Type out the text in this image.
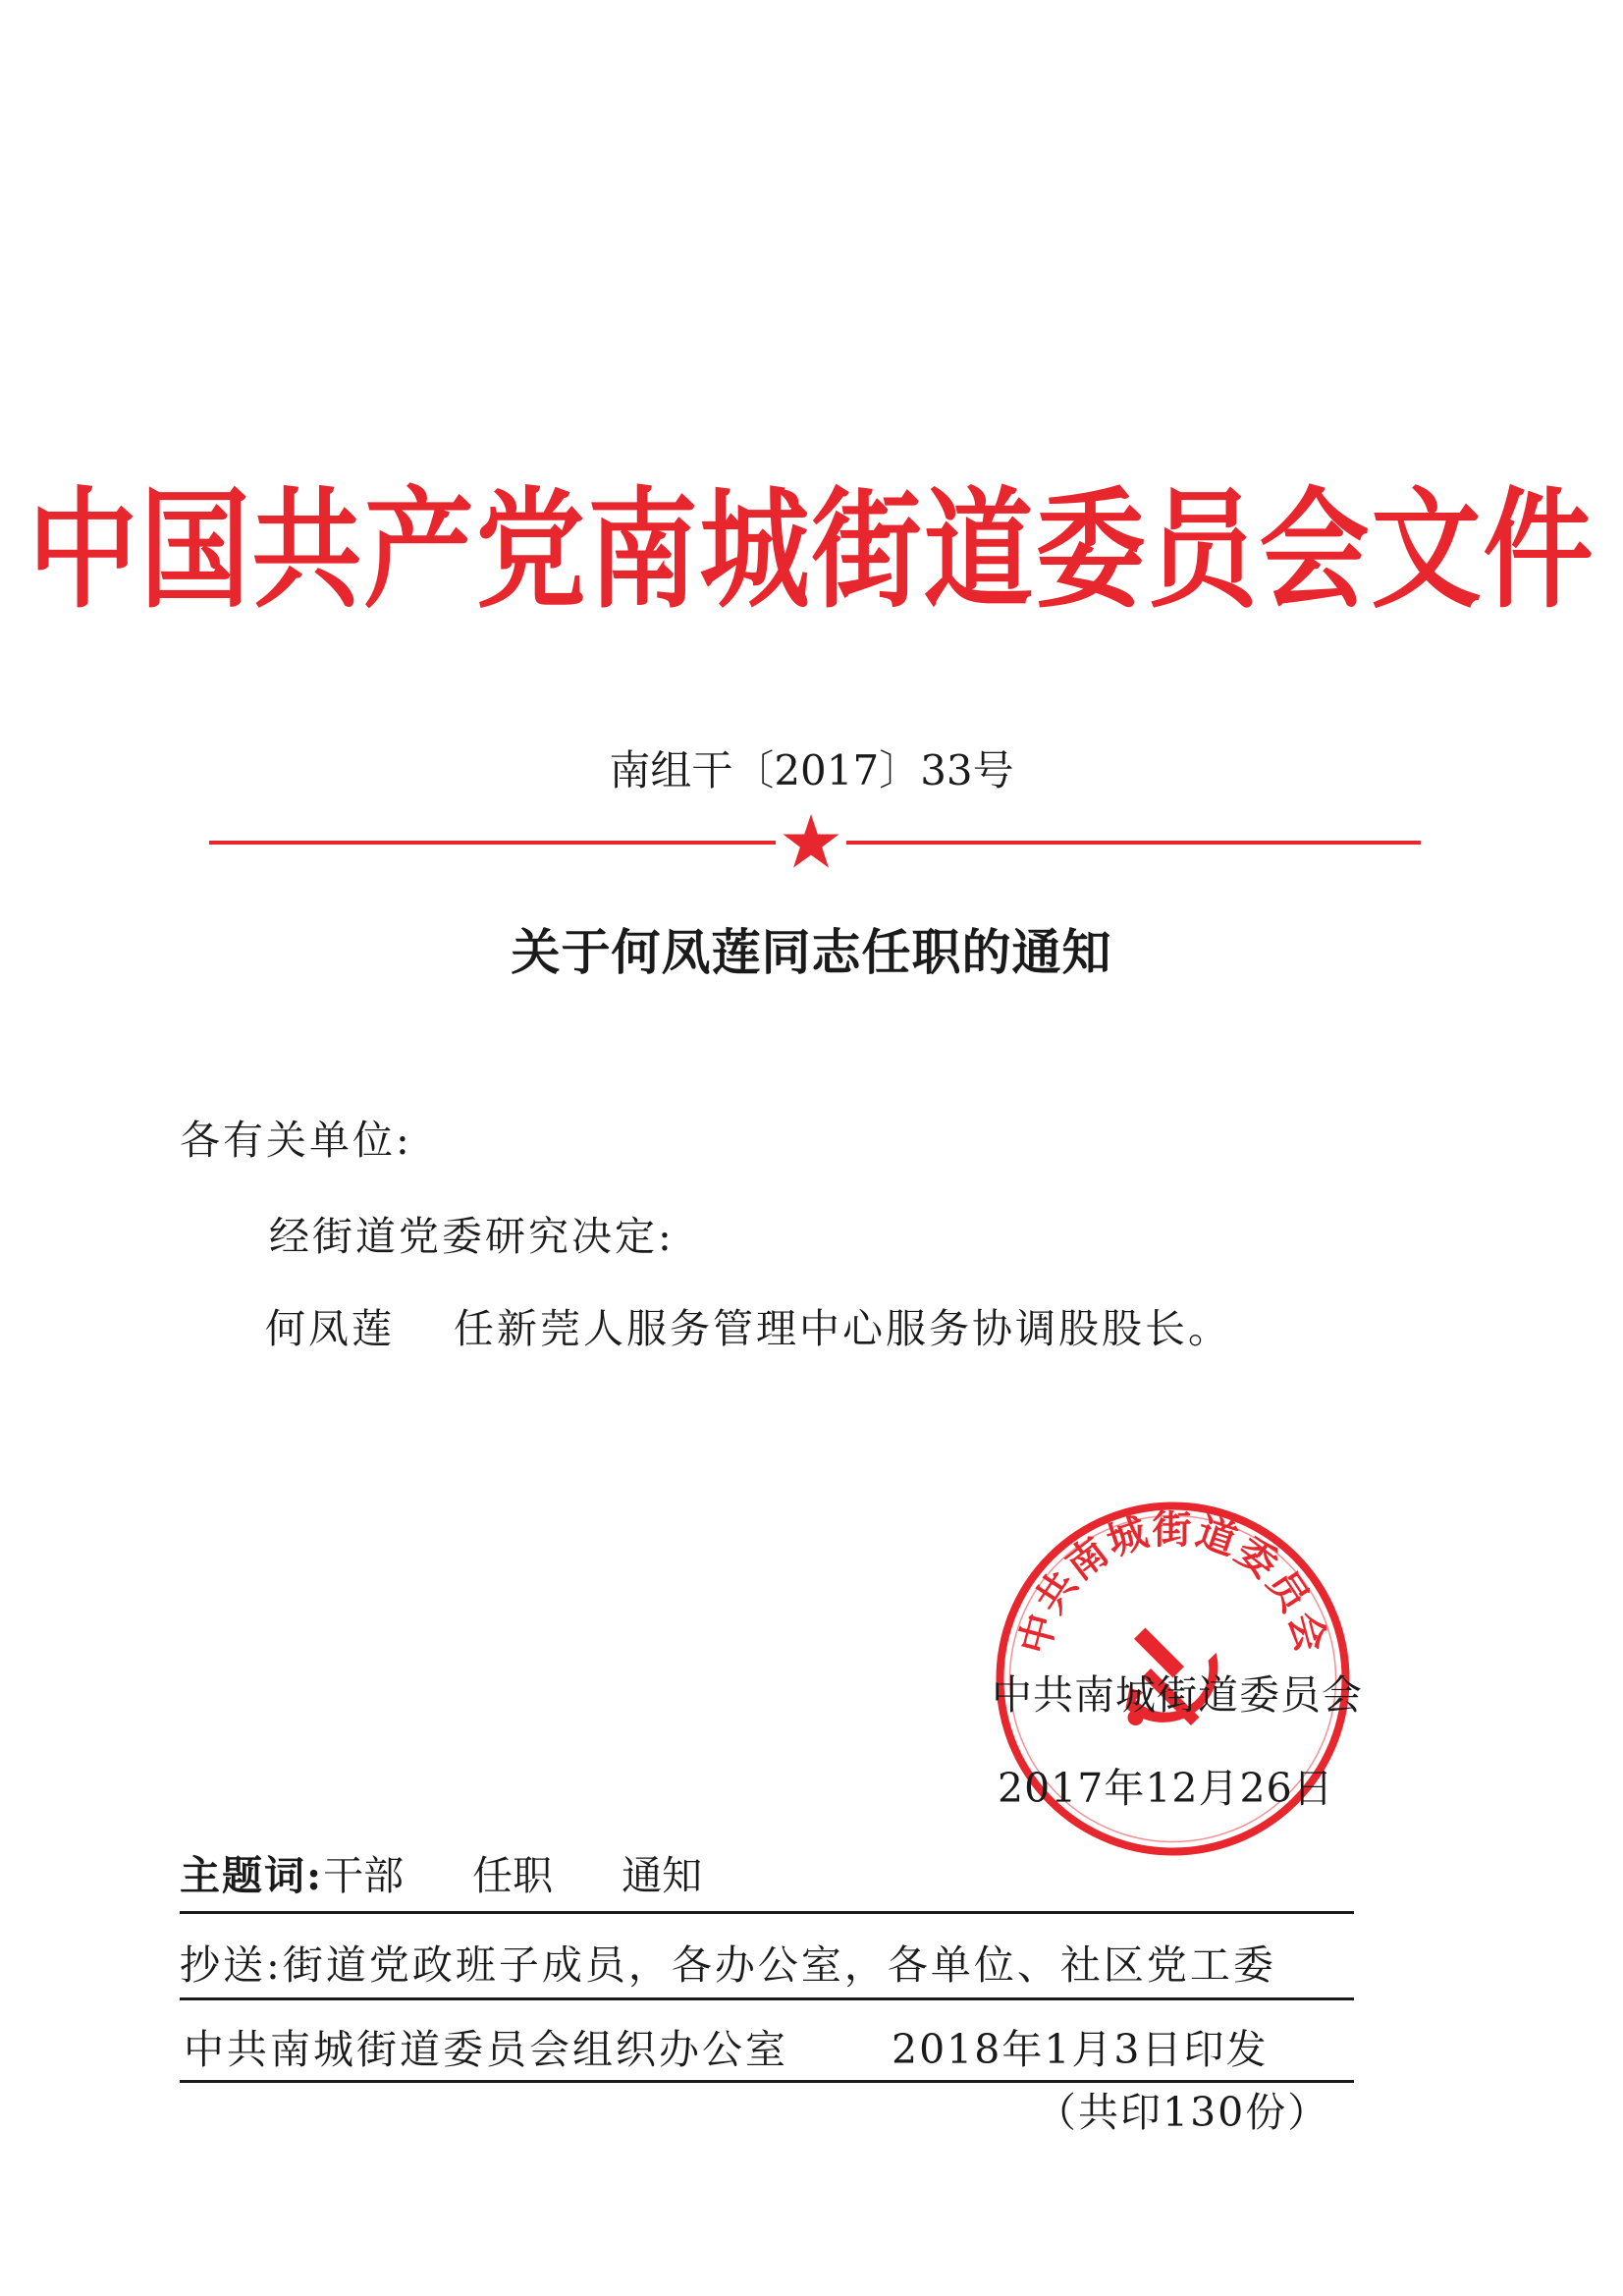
中国共产党南城街道委员会文件
南组干〔2017〕33号
关于何凤莲同志任职的通知
各有关单位:
经街道党委研究决定:
何凤莲 任新莞人服务管理中心服务协调股股长。
中共南城街道委员会
中共南城街道委员会
2017年12月26日
主题词:干部 任职 通知
抄送:街道党政班子成员，各办公室，各单位、社区党工委
中共南城街道委员会组织办公室	2018年1月3日印发
（共印130份）
